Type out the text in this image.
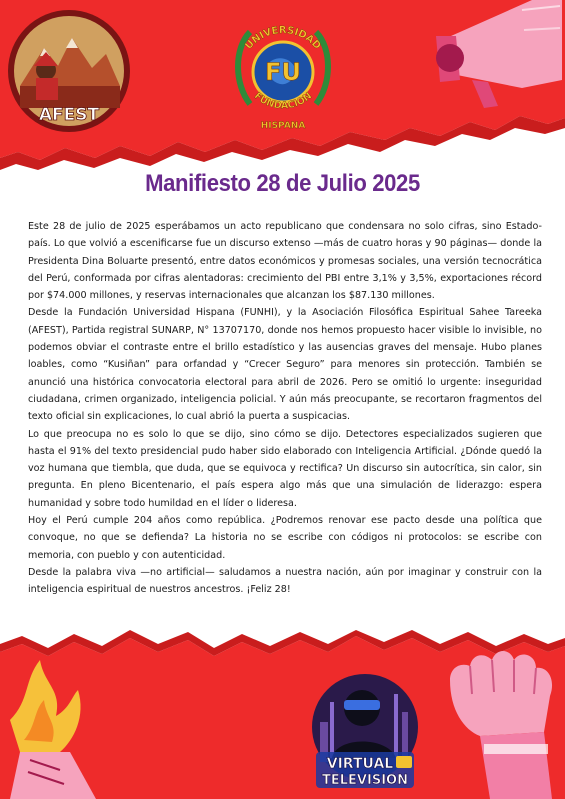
AFEST
FU
UNIVERSIDAD
FUNDACION
HISPANA
Manifiesto 28 de Julio 2025

Este 28 de julio de 2025 esperábamos un acto republicano que condensara no solo cifras, sino Estado-país. Lo que volvió a escenificarse fue un discurso extenso —más de cuatro horas y 90 páginas— donde la Presidenta Dina Boluarte presentó, entre datos económicos y promesas sociales, una versión tecnocrática del Perú, conformada por cifras alentadoras: crecimiento del PBI entre 3,1% y 3,5%, exportaciones récord por $74.000 millones, y reservas internacionales que alcanzan los $87.130 millones.

Desde la Fundación Universidad Hispana (FUNHI), y la Asociación Filosófica Espiritual Sahee Tareeka (AFEST), Partida registral SUNARP, N° 13707170, donde nos hemos propuesto hacer visible lo invisible, no podemos obviar el contraste entre el brillo estadístico y las ausencias graves del mensaje. Hubo planes loables, como “Kusiñan” para orfandad y “Crecer Seguro” para menores sin protección. También se anunció una histórica convocatoria electoral para abril de 2026. Pero se omitió lo urgente: inseguridad ciudadana, crimen organizado, inteligencia policial. Y aún más preocupante, se recortaron fragmentos del texto oficial sin explicaciones, lo cual abrió la puerta a suspicacias.

Lo que preocupa no es solo lo que se dijo, sino cómo se dijo. Detectores especializados sugieren que hasta el 91% del texto presidencial pudo haber sido elaborado con Inteligencia Artificial. ¿Dónde quedó la voz humana que tiembla, que duda, que se equivoca y rectifica? Un discurso sin autocrítica, sin calor, sin pregunta. En pleno Bicentenario, el país espera algo más que una simulación de liderazgo: espera humanidad y sobre todo humildad en el líder o lideresa.

Hoy el Perú cumple 204 años como república. ¿Podremos renovar ese pacto desde una política que convoque, no que se defienda? La historia no se escribe con códigos ni protocolos: se escribe con memoria, con pueblo y con autenticidad.

Desde la palabra viva —no artificial— saludamos a nuestra nación, aún por imaginar y construir con la inteligencia espiritual de nuestros ancestros. ¡Feliz 28!

VIRTUAL
TELEVISION
